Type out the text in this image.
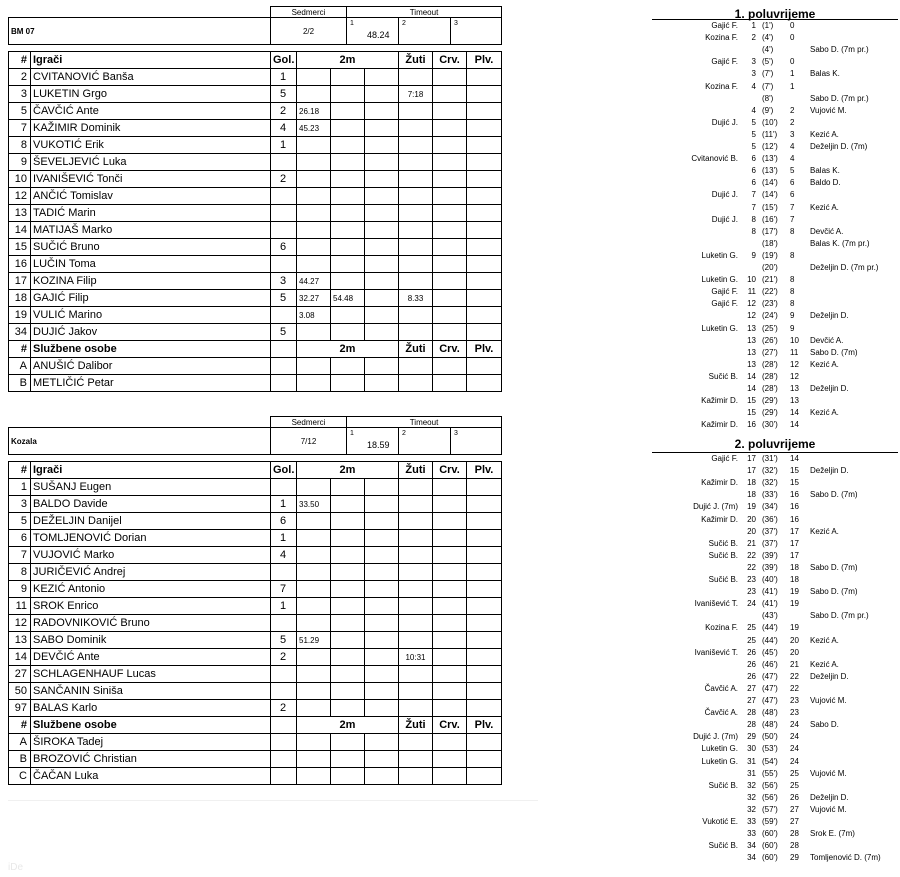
	Sedmerci	Timeout		
BM 07	2/2	1
48.24	2	3
#	Igrači	Gol.	2m			Žuti	Crv.	Plv.
2	CVITANOVIĆ Banša	1						
3	LUKETIN Grgo	5				7:18		
5	ČAVČIĆ Ante	2	26.18					
7	KAŽIMIR Dominik	4	45.23					
8	VUKOTIĆ Erik	1						
9	ŠEVELJEVIĆ Luka							
10	IVANIŠEVIĆ Tonči	2						
12	ANČIĆ Tomislav							
13	TADIĆ Marin							
14	MATIJAŠ Marko							
15	SUČIĆ Bruno	6						
16	LUČIN Toma							
17	KOZINA Filip	3	44.27					
18	GAJIĆ Filip	5	32.27	54.48		8.33		
19	VULIĆ Marino		3.08					
34	DUJIĆ Jakov	5						
#	Službene osobe		2m			Žuti	Crv.	Plv.
A	ANUŠIĆ Dalibor							
B	METLIČIĆ Petar							
	Sedmerci	Timeout		
Kozala	7/12	1
18.59	2	3
#	Igrači	Gol.	2m			Žuti	Crv.	Plv.
1	SUŠANJ Eugen							
3	BALDO Davide	1	33.50					
5	DEŽELJIN Danijel	6						
6	TOMLJENOVIĆ Dorian	1						
7	VUJOVIĆ Marko	4						
8	JURIČEVIĆ Andrej							
9	KEZIĆ Antonio	7						
11	SROK Enrico	1						
12	RADOVNIKOVIĆ Bruno							
13	SABO Dominik	5	51.29					
14	DEVČIĆ Ante	2				10:31		
27	SCHLAGENHAUF Lucas							
50	SANČANIN Siniša							
97	BALAS Karlo	2						
#	Službene osobe		2m			Žuti	Crv.	Plv.
A	ŠIROKA Tadej							
B	BROZOVIĆ Christian							
C	ČAČAN Luka							
1. poluvrijeme
Gajić F. 1 (1') 0
Kozina F. 2 (4') 0
(4')	Sabo D. (7m pr.)
Gajić F. 3 (5') 0
3 (7') 1 Balas K.
Kozina F. 4 (7') 1
(8')	Sabo D. (7m pr.)
4 (9') 2 Vujović M.
Dujić J. 5 (10') 2
5 (11') 3 Kezić A.
5 (12') 4 Deželjin D. (7m)
Cvitanović B. 6 (13') 4
6 (13') 5 Balas K.
6 (14') 6 Baldo D.
Dujić J. 7 (14') 6
7 (15') 7 Kezić A.
Dujić J. 8 (16') 7
8 (17') 8 Devčić A.
(18')	Balas K. (7m pr.)
Luketin G. 9 (19') 8
(20')	Deželjin D. (7m pr.)
Luketin G. 10 (21') 8
Gajić F. 11 (22') 8
Gajić F. 12 (23') 8
12 (24') 9 Deželjin D.
Luketin G. 13 (25') 9
13 (26') 10 Devčić A.
13 (27') 11 Sabo D. (7m)
13 (28') 12 Kezić A.
Sučić B. 14 (28') 12
14 (28') 13 Deželjin D.
Kažimir D. 15 (29') 13
15 (29') 14 Kezić A.
Kažimir D. 16 (30') 14
2. poluvrijeme
Gajić F. 17 (31') 14
17 (32') 15 Deželjin D.
Kažimir D. 18 (32') 15
18 (33') 16 Sabo D. (7m)
Dujić J. (7m) 19 (34') 16
Kažimir D. 20 (36') 16
20 (37') 17 Kezić A.
Sučić B. 21 (37') 17
Sučić B. 22 (39') 17
22 (39') 18 Sabo D. (7m)
Sučić B. 23 (40') 18
23 (41') 19 Sabo D. (7m)
Ivanišević T. 24 (41') 19
(43')	Sabo D. (7m pr.)
Kozina F. 25 (44') 19
25 (44') 20 Kezić A.
Ivanišević T. 26 (45') 20
26 (46') 21 Kezić A.
26 (47') 22 Deželjin D.
Čavčić A. 27 (47') 22
27 (47') 23 Vujović M.
Čavčić A. 28 (48') 23
28 (48') 24 Sabo D.
Dujić J. (7m) 29 (50') 24
Luketin G. 30 (53') 24
Luketin G. 31 (54') 24
31 (55') 25 Vujović M.
Sučić B. 32 (56') 25
32 (56') 26 Deželjin D.
32 (57') 27 Vujović M.
Vukotić E. 33 (59') 27
33 (60') 28 Srok E. (7m)
Sučić B. 34 (60') 28
34 (60') 29 Tomljenović D. (7m)
iDe
